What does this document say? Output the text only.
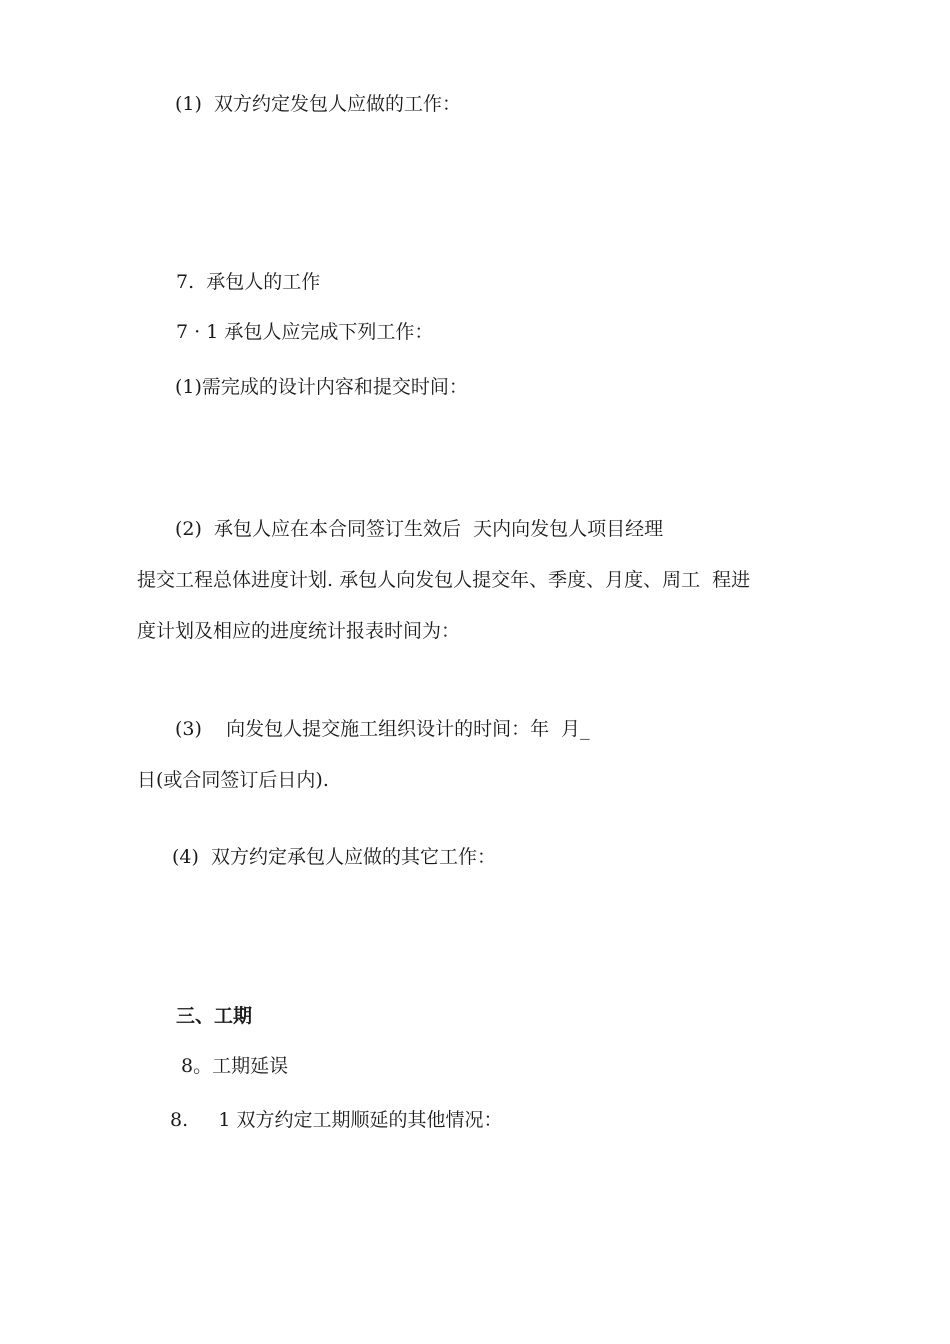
(1)  双方约定发包人应做的工作：
7.  承包人的工作
7 · 1 承包人应完成下列工作：
(1)需完成的设计内容和提交时间：
(2)  承包人应在本合同签订生效后  天内向发包人项目经理
提交工程总体进度计划. 承包人向发包人提交年、季度、月度、周工  程进
度计划及相应的进度统计报表时间为：
(3)    向发包人提交施工组织设计的时间：年  月_
日(或合同签订后日内).
(4)  双方约定承包人应做的其它工作：
三、工期
8。工期延误
8.     1 双方约定工期顺延的其他情况：
